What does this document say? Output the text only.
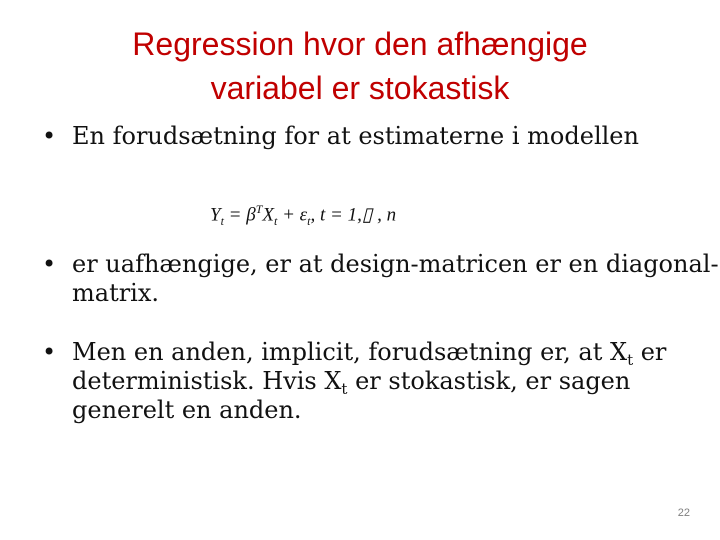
Regression hvor den afhængige
variabel er stokastisk
• En forudsætning for at estimaterne i modellen
$Y_t = \beta^TX_t + \varepsilon_t$, t = 1,▯ , n
• er uafhængige, er at design-matricen er en diagonal-matrix.
• Men en anden, implicit, forudsætning er, at $X_t$ er deterministisk. Hvis $X_t$ er stokastisk, er sagen generelt en anden.
22
